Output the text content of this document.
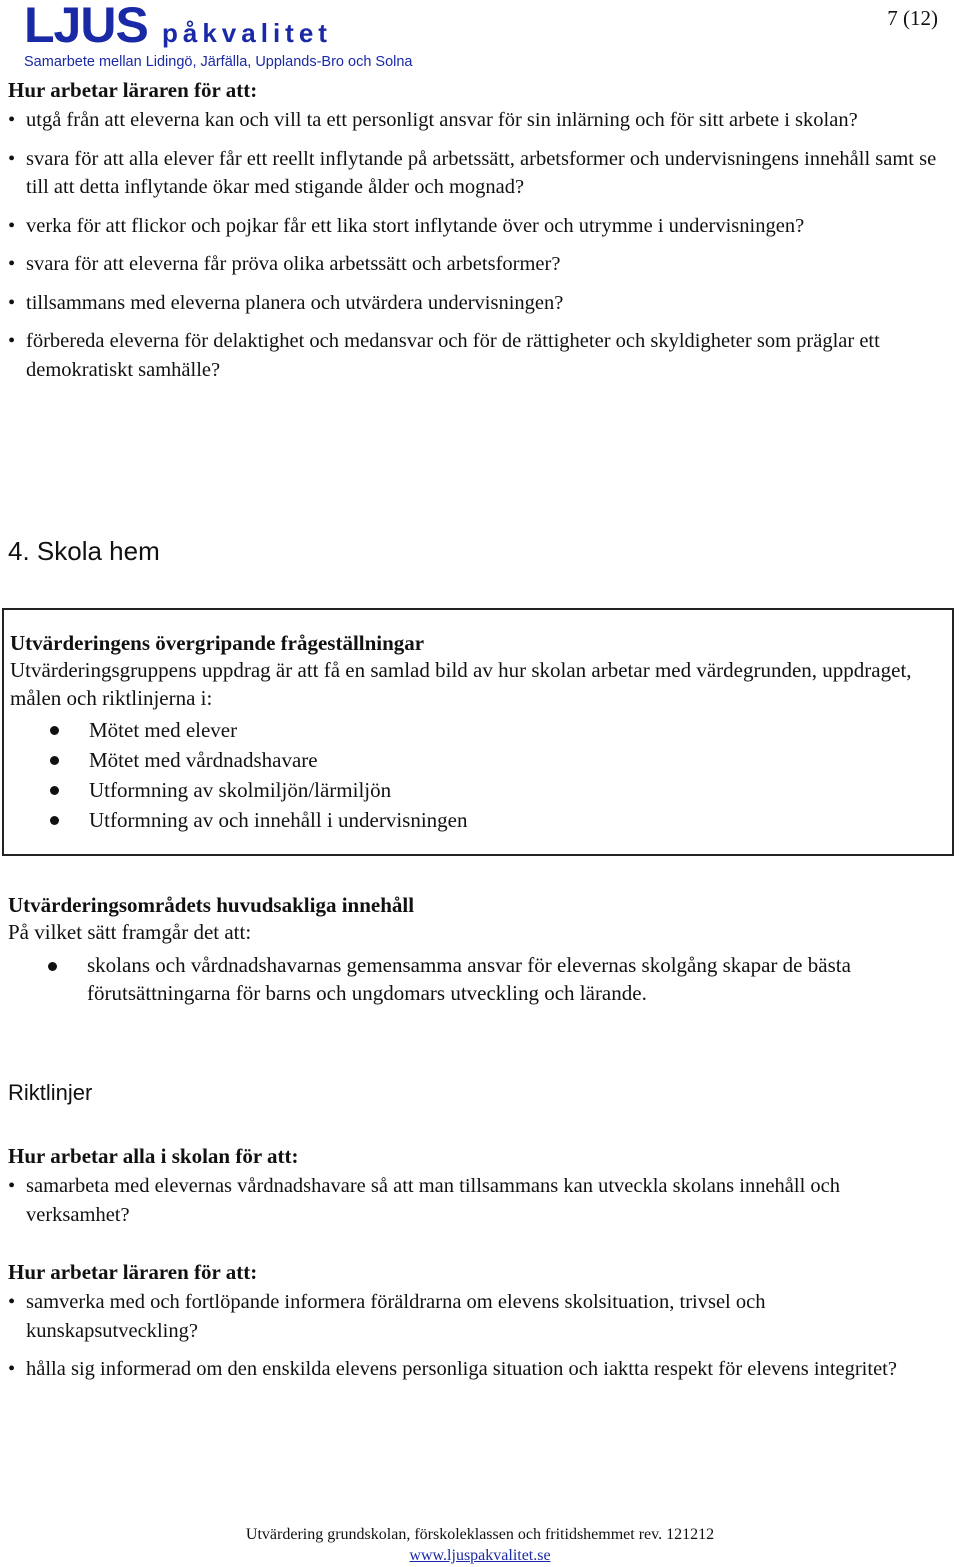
LJUS påkvalitet
Samarbete mellan Lidingö, Järfälla, Upplands-Bro och Solna
7 (12)
Hur arbetar läraren för att:
• utgå från att eleverna kan och vill ta ett personligt ansvar för sin inlärning och för sitt arbete i skolan?
• svara för att alla elever får ett reellt inflytande på arbetssätt, arbetsformer och undervisningens innehåll samt se till att detta inflytande ökar med stigande ålder och mognad?
• verka för att flickor och pojkar får ett lika stort inflytande över och utrymme i undervisningen?
• svara för att eleverna får pröva olika arbetssätt och arbetsformer?
• tillsammans med eleverna planera och utvärdera undervisningen?
• förbereda eleverna för delaktighet och medansvar och för de rättigheter och skyldigheter som präglar ett demokratiskt samhälle?
4. Skola hem
Utvärderingens övergripande frågeställningar
Utvärderingsgruppens uppdrag är att få en samlad bild av hur skolan arbetar med värdegrunden, uppdraget, målen och riktlinjerna i:
Mötet med elever
Mötet med vårdnadshavare
Utformning av skolmiljön/lärmiljön
Utformning av och innehåll i undervisningen
Utvärderingsområdets huvudsakliga innehåll
På vilket sätt framgår det att:
skolans och vårdnadshavarnas gemensamma ansvar för elevernas skolgång skapar de bästa förutsättningarna för barns och ungdomars utveckling och lärande.
Riktlinjer
Hur arbetar alla i skolan för att:
• samarbeta med elevernas vårdnadshavare så att man tillsammans kan utveckla skolans innehåll och verksamhet?
Hur arbetar läraren för att:
• samverka med och fortlöpande informera föräldrarna om elevens skolsituation, trivsel och kunskapsutveckling?
• hålla sig informerad om den enskilda elevens personliga situation och iaktta respekt för elevens integritet?
Utvärdering grundskolan, förskoleklassen och fritidshemmet rev. 121212
www.ljuspakvalitet.se
